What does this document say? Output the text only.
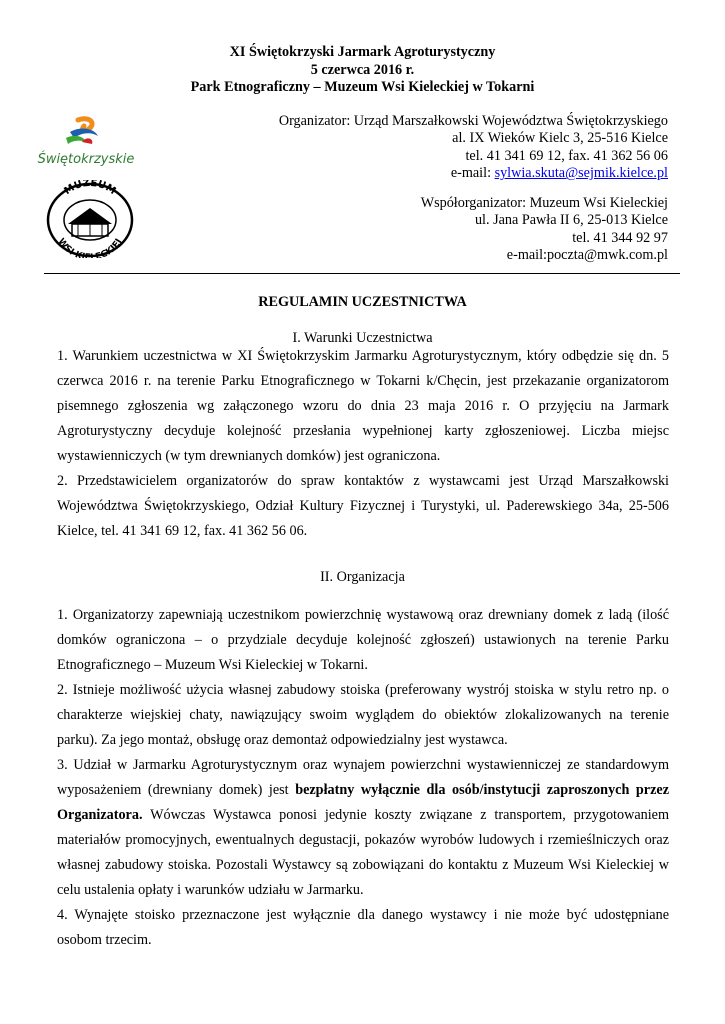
XI Świętokrzyski Jarmark Agroturystyczny
5 czerwca 2016 r.
Park Etnograficzny – Muzeum Wsi Kieleckiej w Tokarni
Świętokrzyskie
MUZEUM
WSI KIELECKIEJ
Organizator: Urząd Marszałkowski Województwa Świętokrzyskiego
al. IX Wieków Kielc 3, 25-516 Kielce
tel. 41 341 69 12, fax. 41 362 56 06
e-mail: sylwia.skuta@sejmik.kielce.pl
Współorganizator: Muzeum Wsi Kieleckiej
ul. Jana Pawła II 6, 25-013 Kielce
tel. 41 344 92 97
e-mail:poczta@mwk.com.pl
REGULAMIN UCZESTNICTWA
I. Warunki Uczestnictwa

1. Warunkiem uczestnictwa w XI Świętokrzyskim Jarmarku Agroturystycznym, który odbędzie się dn. 5 czerwca 2016 r. na terenie Parku Etnograficznego w Tokarni k/Chęcin, jest przekazanie organizatorom pisemnego zgłoszenia wg załączonego wzoru do dnia 23 maja 2016 r. O przyjęciu na Jarmark Agroturystyczny decyduje kolejność przesłania wypełnionej karty zgłoszeniowej. Liczba miejsc wystawienniczych (w tym drewnianych domków) jest ograniczona.

2. Przedstawicielem organizatorów do spraw kontaktów z wystawcami jest Urząd Marszałkowski Województwa Świętokrzyskiego, Odział Kultury Fizycznej i Turystyki, ul. Paderewskiego 34a, 25-506 Kielce, tel. 41 341 69 12, fax. 41 362 56 06.

II. Organizacja

1. Organizatorzy zapewniają uczestnikom powierzchnię wystawową oraz drewniany domek z ladą (ilość domków ograniczona – o przydziale decyduje kolejność zgłoszeń) ustawionych na terenie Parku Etnograficznego – Muzeum Wsi Kieleckiej w Tokarni.

2. Istnieje możliwość użycia własnej zabudowy stoiska (preferowany wystrój stoiska w stylu retro np. o charakterze wiejskiej chaty, nawiązujący swoim wyglądem do obiektów zlokalizowanych na terenie parku). Za jego montaż, obsługę oraz demontaż odpowiedzialny jest wystawca.

3. Udział w Jarmarku Agroturystycznym oraz wynajem powierzchni wystawienniczej ze standardowym wyposażeniem (drewniany domek) jest bezpłatny wyłącznie dla osób/instytucji zaproszonych przez Organizatora. Wówczas Wystawca ponosi jedynie koszty związane z transportem, przygotowaniem materiałów promocyjnych, ewentualnych degustacji, pokazów wyrobów ludowych i rzemieślniczych oraz własnej zabudowy stoiska. Pozostali Wystawcy są zobowiązani do kontaktu z Muzeum Wsi Kieleckiej w celu ustalenia opłaty i warunków udziału w Jarmarku.

4. Wynajęte stoisko przeznaczone jest wyłącznie dla danego wystawcy i nie może być udostępniane osobom trzecim.
